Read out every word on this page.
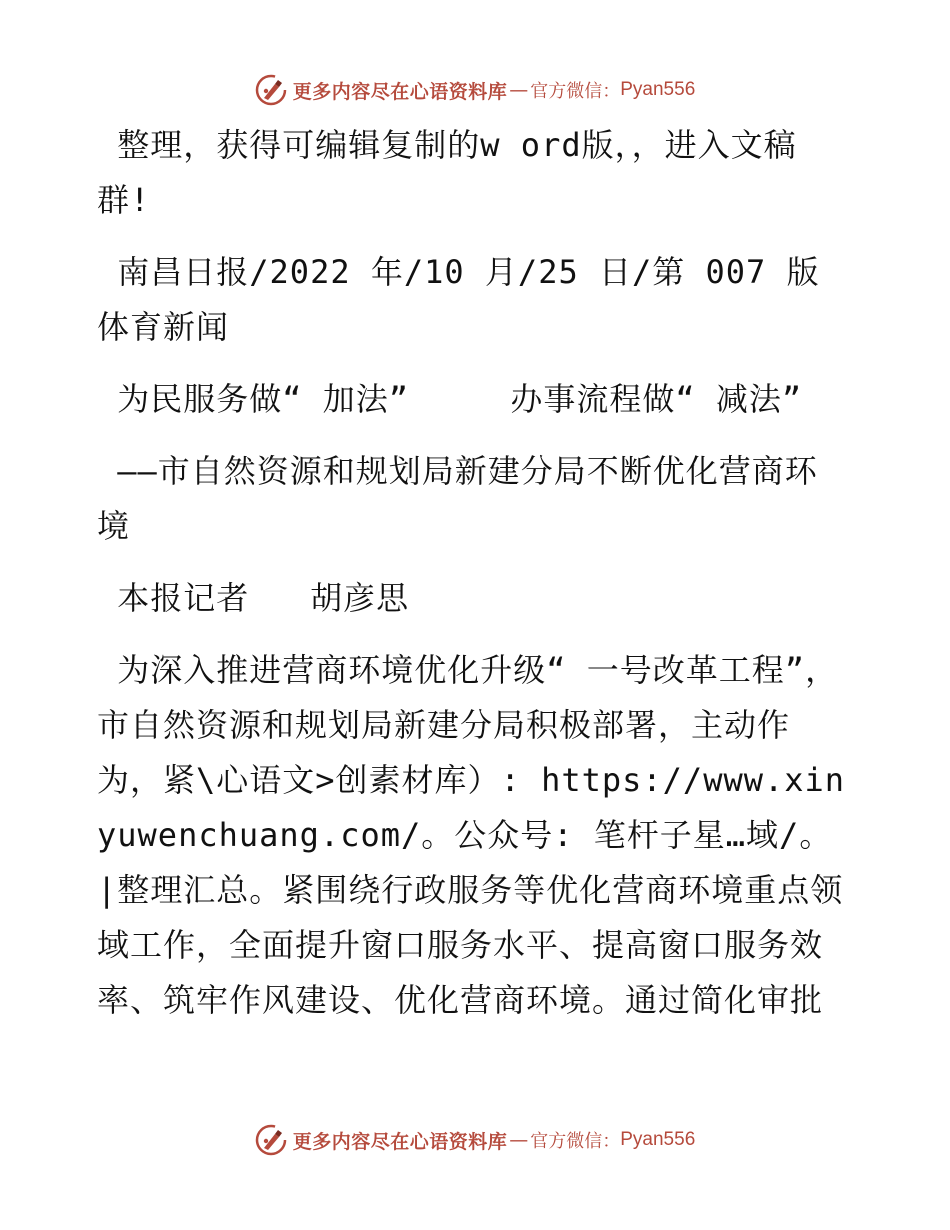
更多内容尽在心语资料库 — 官方微信： Pyan556

整理，获得可编辑复制的w ord版，，进入文稿群!

南昌日报/2022 年/10 月/25 日/第 007 版体育新闻

为民服务做“ 加法”     办事流程做“ 减法”

——市自然资源和规划局新建分局不断优化营商环境

本报记者   胡彦思

为深入推进营商环境优化升级“ 一号改革工程”，市自然资源和规划局新建分局积极部署，主动作为，紧\心语文>创素材库）: https://www.xinyuwenchuang.com/。公众号: 笔杆子星…域/。|整理汇总。紧围绕行政服务等优化营商环境重点领域工作，全面提升窗口服务水平、提高窗口服务效率、筑牢作风建设、优化营商环境。通过简化审批

更多内容尽在心语资料库 — 官方微信： Pyan556
